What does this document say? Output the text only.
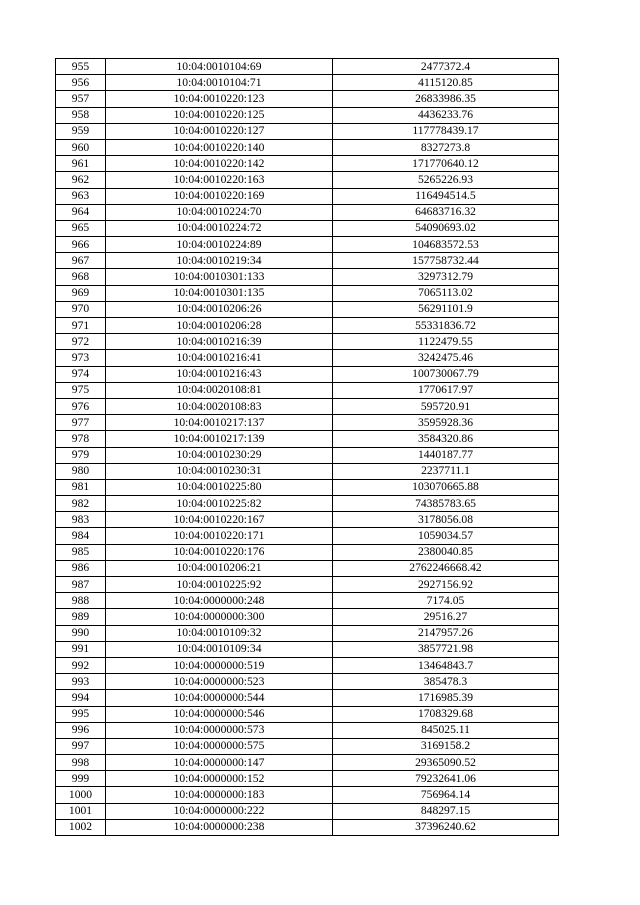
955	10:04:0010104:69	2477372.4
956	10:04:0010104:71	4115120.85
957	10:04:0010220:123	26833986.35
958	10:04:0010220:125	4436233.76
959	10:04:0010220:127	117778439.17
960	10:04:0010220:140	8327273.8
961	10:04:0010220:142	171770640.12
962	10:04:0010220:163	5265226.93
963	10:04:0010220:169	116494514.5
964	10:04:0010224:70	64683716.32
965	10:04:0010224:72	54090693.02
966	10:04:0010224:89	104683572.53
967	10:04:0010219:34	157758732.44
968	10:04:0010301:133	3297312.79
969	10:04:0010301:135	7065113.02
970	10:04:0010206:26	56291101.9
971	10:04:0010206:28	55331836.72
972	10:04:0010216:39	1122479.55
973	10:04:0010216:41	3242475.46
974	10:04:0010216:43	100730067.79
975	10:04:0020108:81	1770617.97
976	10:04:0020108:83	595720.91
977	10:04:0010217:137	3595928.36
978	10:04:0010217:139	3584320.86
979	10:04:0010230:29	1440187.77
980	10:04:0010230:31	2237711.1
981	10:04:0010225:80	103070665.88
982	10:04:0010225:82	74385783.65
983	10:04:0010220:167	3178056.08
984	10:04:0010220:171	1059034.57
985	10:04:0010220:176	2380040.85
986	10:04:0010206:21	2762246668.42
987	10:04:0010225:92	2927156.92
988	10:04:0000000:248	7174.05
989	10:04:0000000:300	29516.27
990	10:04:0010109:32	2147957.26
991	10:04:0010109:34	3857721.98
992	10:04:0000000:519	13464843.7
993	10:04:0000000:523	385478.3
994	10:04:0000000:544	1716985.39
995	10:04:0000000:546	1708329.68
996	10:04:0000000:573	845025.11
997	10:04:0000000:575	3169158.2
998	10:04:0000000:147	29365090.52
999	10:04:0000000:152	79232641.06
1000	10:04:0000000:183	756964.14
1001	10:04:0000000:222	848297.15
1002	10:04:0000000:238	37396240.62
